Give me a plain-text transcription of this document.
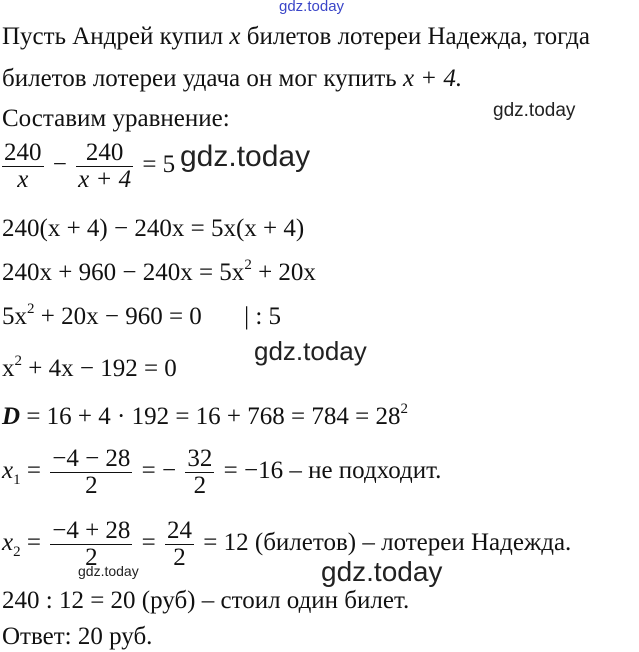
Пусть Андрей купил x билетов лотереи Надежда, тогда
билетов лотереи удача он мог купить x + 4.
Составим уравнение:
$\frac{240}{x} - \frac{240}{x + 4} = 5$
240(x + 4) − 240x = 5x(x + 4)
$240x + 960 - 240x = 5x^2 + 20x$
$5x^2 + 20x - 960 = 0$ | : 5
$x^2 + 4x - 192 = 0$
$D = 16 + 4 \cdot 192 = 16 + 768 = 784 = 28^2$
$x_1 = \frac{-4 - 28}{2}$ = − $\frac{32}{2} = -16$ – не подходит.
$x_2 = \frac{-4 + 28}{2} = \frac{24}{2} = 12$ (билетов) – лотереи Надежда.
240 : 12 = 20 (руб) – стоил один билет.
Ответ: 20 руб.
gdz.today
gdz.today
gdz.today
gdz.today
gdz.today
gdz.today
